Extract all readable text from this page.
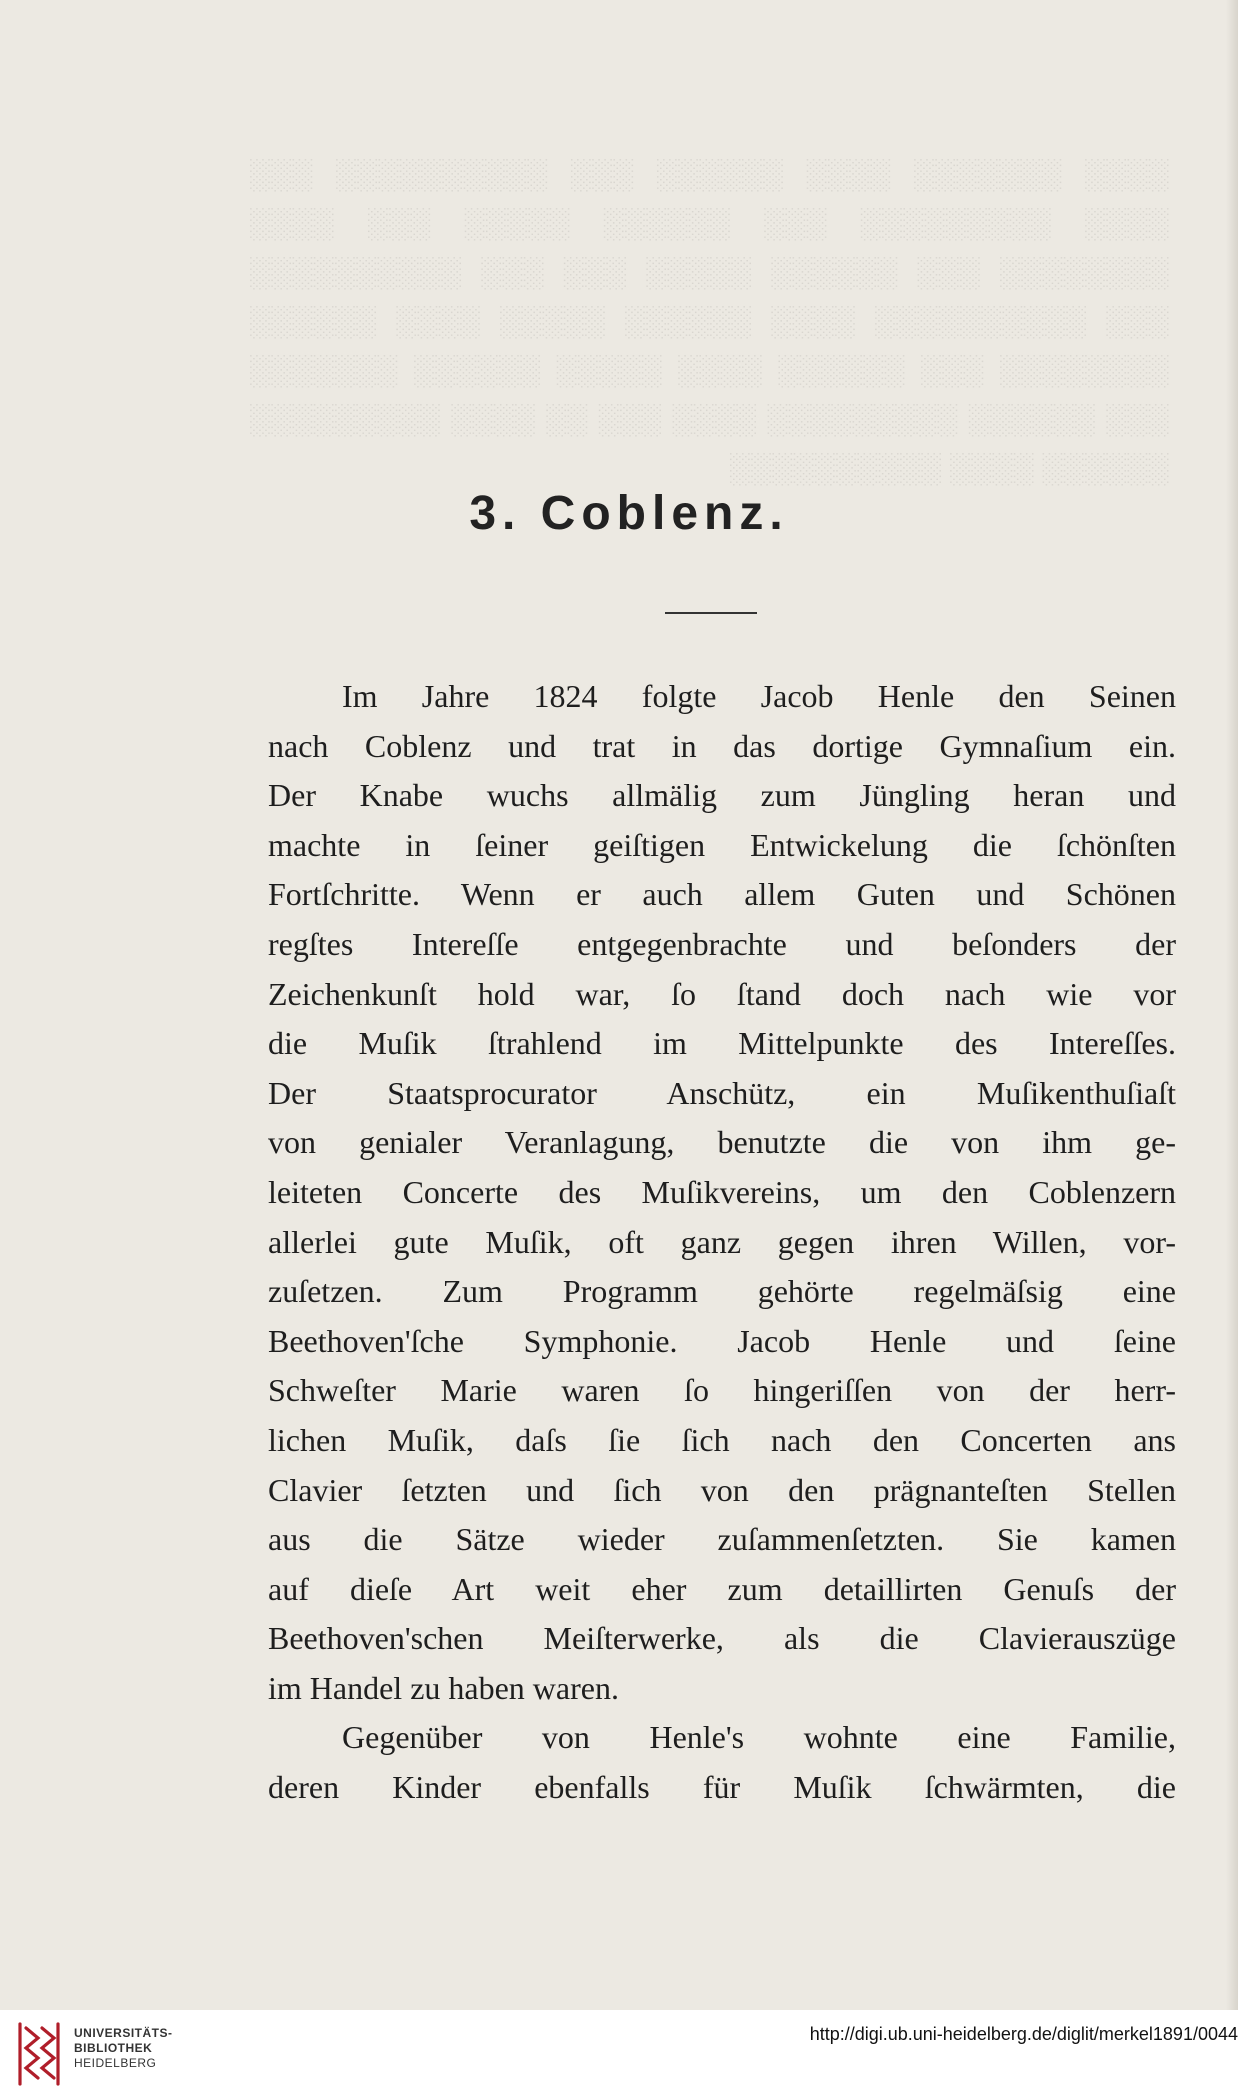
░░░░ ░░░░░░░ ░░░░ ░░░░░░ ░░░ ░░░░░░░░░░ ░░░ ░░░░ ░░░░░░░░░ ░░░ ░░░░░░ ░░░░░ ░░░ ░░░░ ░░░░░░░░ ░░░ ░░░░░░ ░░░░░ ░░░ ░░░ ░░░░░░░░░░ ░░░ ░░░░░░░░░░ ░░░░ ░░░░░░ ░░░░░ ░░░░ ░░░░░░ ░░░░░░░░ ░░░ ░░░░░░ ░░░░ ░░░░░ ░░░░░░ ░░░░░░░ ░░░ ░░░░░░ ░░░░░░░░░ ░░░░ ░░░ ░░ ░░░░ ░░░░░░░░░ ░░░░░░ ░░░░ ░░░░░░░░░░
3. Coblenz.
Im Jahre 1824 folgte Jacob Henle den Seinen
nach Coblenz und trat in das dortige Gymnaſium ein.
Der Knabe wuchs allmälig zum Jüngling heran und
machte in ſeiner geiſtigen Entwickelung die ſchönſten
Fortſchritte. Wenn er auch allem Guten und Schönen
regſtes Intereſſe entgegenbrachte und beſonders der
Zeichenkunſt hold war, ſo ſtand doch nach wie vor
die Muſik ſtrahlend im Mittelpunkte des Intereſſes.
Der Staatsprocurator Anschütz, ein Muſikenthuſiaſt
von genialer Veranlagung, benutzte die von ihm ge-
leiteten Concerte des Muſikvereins, um den Coblenzern
allerlei gute Muſik, oft ganz gegen ihren Willen, vor-
zuſetzen. Zum Programm gehörte regelmäſsig eine
Beethoven'ſche Symphonie. Jacob Henle und ſeine
Schweſter Marie waren ſo hingeriſſen von der herr-
lichen Muſik, daſs ſie ſich nach den Concerten ans
Clavier ſetzten und ſich von den prägnanteſten Stellen
aus die Sätze wieder zuſammenſetzten. Sie kamen
auf dieſe Art weit eher zum detaillirten Genuſs der
Beethoven'schen Meiſterwerke, als die Clavierauszüge
im Handel zu haben waren.
Gegenüber von Henle's wohnte eine Familie,
deren Kinder ebenfalls für Muſik ſchwärmten, die
UNIVERSITÄTS-
BIBLIOTHEK
HEIDELBERG
http://digi.ub.uni-heidelberg.de/diglit/merkel1891/0044
